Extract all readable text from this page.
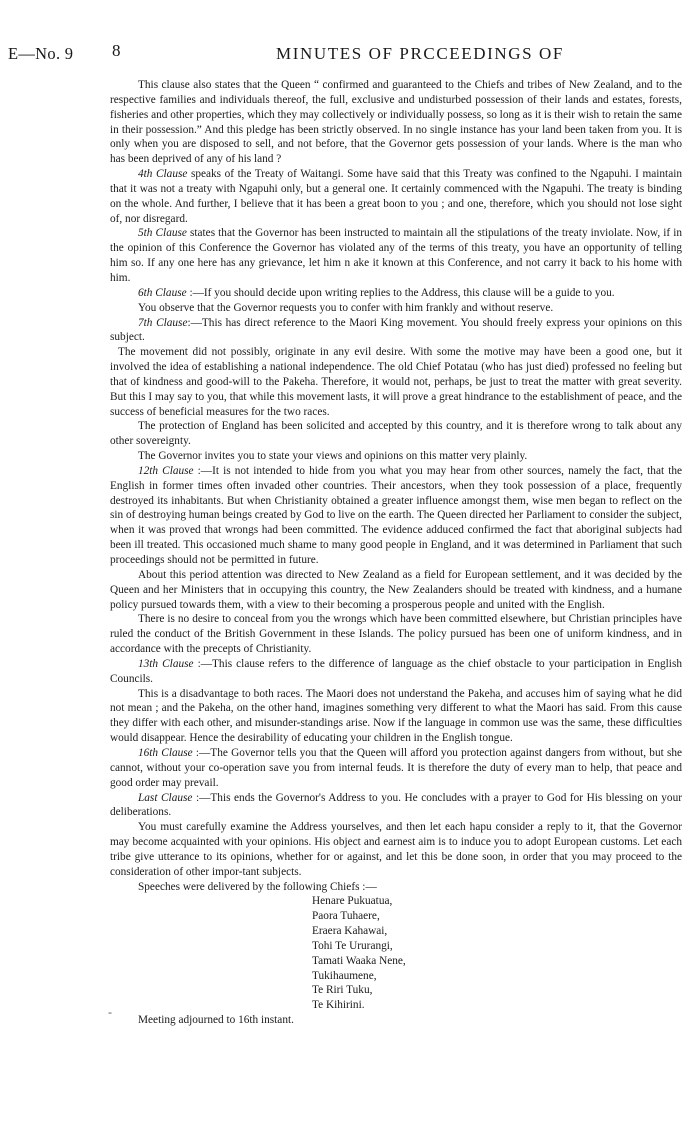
E—No. 9 8	MINUTES OF PRCCEEDINGS OF

This clause also states that the Queen “ confirmed and guaranteed to the Chiefs and tribes of New Zealand, and to the respective families and individuals thereof, the full, exclusive and undisturbed possession of their lands and estates, forests, fisheries and other properties, which they may collectively or individually possess, so long as it is their wish to retain the same in their possession.” And this pledge has been strictly observed. In no single instance has your land been taken from you. It is only when you are disposed to sell, and not before, that the Governor gets possession of your lands. Where is the man who has been deprived of any of his land ?

4th Clause speaks of the Treaty of Waitangi. Some have said that this Treaty was confined to the Ngapuhi. I maintain that it was not a treaty with Ngapuhi only, but a general one. It certainly commenced with the Ngapuhi. The treaty is binding on the whole. And further, I believe that it has been a great boon to you ; and one, therefore, which you should not lose sight of, nor disregard.

5th Clause states that the Governor has been instructed to maintain all the stipulations of the treaty inviolate. Now, if in the opinion of this Conference the Governor has violated any of the terms of this treaty, you have an opportunity of telling him so. If any one here has any grievance, let him n ake it known at this Conference, and not carry it back to his home with him.

6th Clause :—If you should decide upon writing replies to the Address, this clause will be a guide to you.

You observe that the Governor requests you to confer with him frankly and without reserve.

7th Clause:—This has direct reference to the Maori King movement. You should freely express your opinions on this subject.

The movement did not possibly, originate in any evil desire. With some the motive may have been a good one, but it involved the idea of establishing a national independence. The old Chief Potatau (who has just died) professed no feeling but that of kindness and good-will to the Pakeha. Therefore, it would not, perhaps, be just to treat the matter with great severity. But this I may say to you, that while this movement lasts, it will prove a great hindrance to the establishment of peace, and the success of beneficial measures for the two races.

The protection of England has been solicited and accepted by this country, and it is therefore wrong to talk about any other sovereignty.

The Governor invites you to state your views and opinions on this matter very plainly.

12th Clause :—It is not intended to hide from you what you may hear from other sources, namely the fact, that the English in former times often invaded other countries. Their ancestors, when they took possession of a place, frequently destroyed its inhabitants. But when Christianity obtained a greater influence amongst them, wise men began to reflect on the sin of destroying human beings created by God to live on the earth. The Queen directed her Parliament to consider the subject, when it was proved that wrongs had been committed. The evidence adduced confirmed the fact that aboriginal subjects had been ill treated. This occasioned much shame to many good people in England, and it was determined in Parliament that such proceedings should not be permitted in future.

About this period attention was directed to New Zealand as a field for European settlement, and it was decided by the Queen and her Ministers that in occupying this country, the New Zealanders should be treated with kindness, and a humane policy pursued towards them, with a view to their becoming a prosperous people and united with the English.

There is no desire to conceal from you the wrongs which have been committed elsewhere, but Christian principles have ruled the conduct of the British Government in these Islands. The policy pursued has been one of uniform kindness, and in accordance with the precepts of Christianity.

13th Clause :—This clause refers to the difference of language as the chief obstacle to your participation in English Councils.

This is a disadvantage to both races. The Maori does not understand the Pakeha, and accuses him of saying what he did not mean ; and the Pakeha, on the other hand, imagines something very different to what the Maori has said. From this cause they differ with each other, and misunder-standings arise. Now if the language in common use was the same, these difficulties would disappear. Hence the desirability of educating your children in the English tongue.

16th Clause :—The Governor tells you that the Queen will afford you protection against dangers from without, but she cannot, without your co-operation save you from internal feuds. It is therefore the duty of every man to help, that peace and good order may prevail.

Last Clause :—This ends the Governor's Address to you. He concludes with a prayer to God for His blessing on your deliberations.

You must carefully examine the Address yourselves, and then let each hapu consider a reply to it, that the Governor may become acquainted with your opinions. His object and earnest aim is to induce you to adopt European customs. Let each tribe give utterance to its opinions, whether for or against, and let this be done soon, in order that you may proceed to the consideration of other impor-tant subjects.

Speeches were delivered by the following Chiefs :—

Henare Pukuatua,
Paora Tuhaere,
Eraera Kahawai,
Tohi Te Ururangi,
Tamati Waaka Nene,
Tukihaumene,
Te Riri Tuku,
Te Kihirini.

Meeting adjourned to 16th instant.

-
